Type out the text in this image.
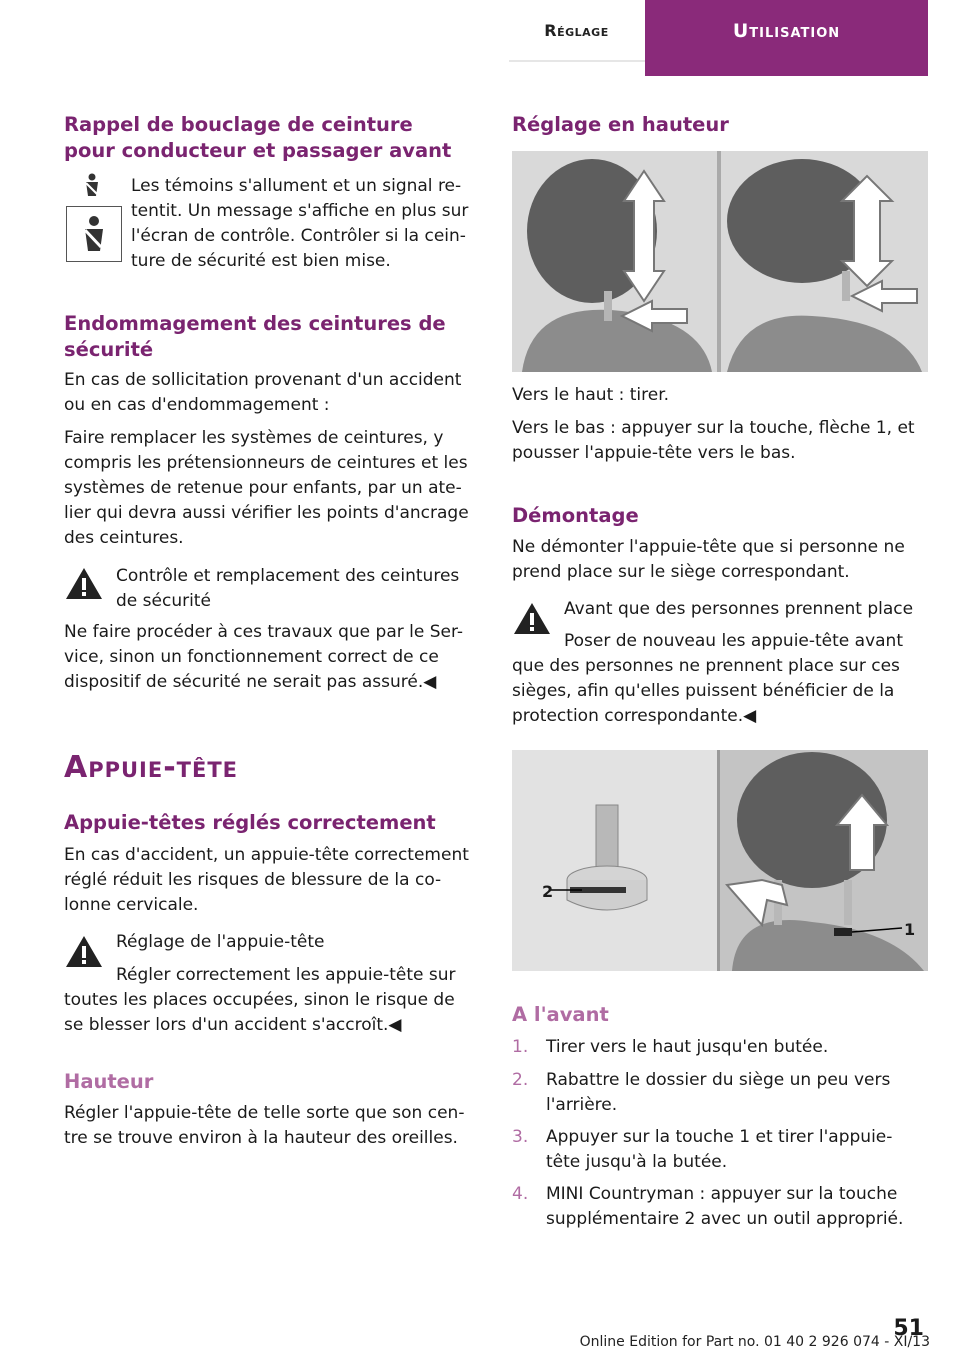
Réglage	Utilisation
Rappel de bouclage de ceinture pour conducteur et passager avant
Les témoins s'allument et un signal re-tentit. Un message s'affiche en plus sur l'écran de contrôle. Contrôler si la cein-ture de sécurité est bien mise.
Endommagement des ceintures de sécurité
En cas de sollicitation provenant d'un accident ou en cas d'endommagement :
Faire remplacer les systèmes de ceintures, y compris les prétensionneurs de ceintures et les systèmes de retenue pour enfants, par un ate-lier qui devra aussi vérifier les points d'ancrage des ceintures.
Contrôle et remplacement des ceintures de sécurité
Ne faire procéder à ces travaux que par le Ser-vice, sinon un fonctionnement correct de ce dispositif de sécurité ne serait pas assuré.◀
Appuie-tête
Appuie-têtes réglés correctement
En cas d'accident, un appuie-tête correctement réglé réduit les risques de blessure de la co-lonne cervicale.
Réglage de l'appuie-tête
Régler correctement les appuie-tête sur toutes les places occupées, sinon le risque de se blesser lors d'un accident s'accroît.◀
Hauteur
Régler l'appuie-tête de telle sorte que son cen-tre se trouve environ à la hauteur des oreilles.
Réglage en hauteur
Vers le haut : tirer.
Vers le bas : appuyer sur la touche, flèche 1, et pousser l'appuie-tête vers le bas.
Démontage
Ne démonter l'appuie-tête que si personne ne prend place sur le siège correspondant.
Avant que des personnes prennent place
Poser de nouveau les appuie-tête avant que des personnes ne prennent place sur ces sièges, afin qu'elles puissent bénéficier de la protection correspondante.◀
2
1
A l'avant
1.	Tirer vers le haut jusqu'en butée.
2.	Rabattre le dossier du siège un peu vers l'arrière.
3.	Appuyer sur la touche 1 et tirer l'appuie-tête jusqu'à la butée.
4.	MINI Countryman : appuyer sur la touche supplémentaire 2 avec un outil approprié.
51
Online Edition for Part no. 01 40 2 926 074 - XI/13
